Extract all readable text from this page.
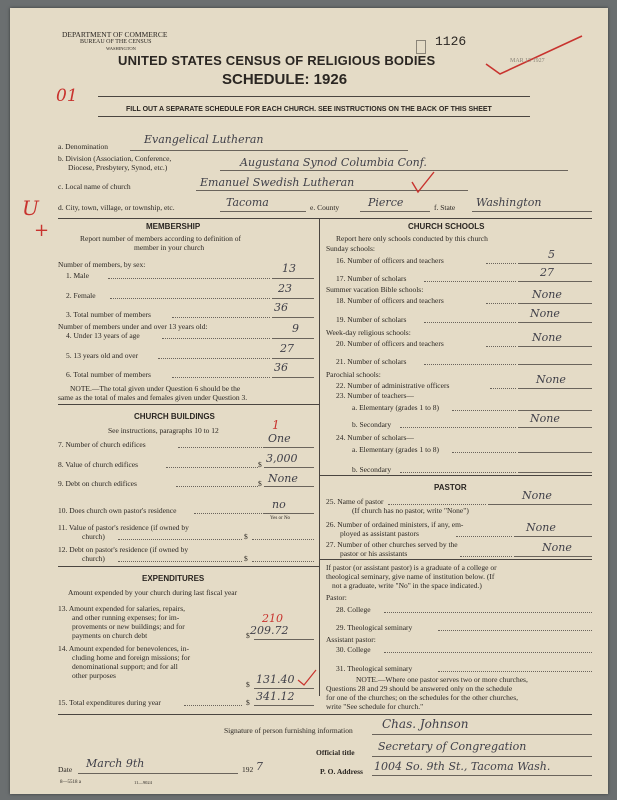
DEPARTMENT OF COMMERCE
BUREAU OF THE CENSUS
WASHINGTON	1126
MAR 15 1927
UNITED STATES CENSUS OF RELIGIOUS BODIES
SCHEDULE: 1926
01
FILL OUT A SEPARATE SCHEDULE FOR EACH CHURCH. SEE INSTRUCTIONS ON THE BACK OF THIS SHEET
a. Denomination
Evangelical Lutheran
b. Division (Association, Conference,
Diocese, Presbytery, Synod, etc.)	Augustana Synod Columbia Conf.
c. Local name of church	Emanuel Swedish Lutheran
d. City, town, village, or township, etc.	Tacoma	e. County	Pierce	f. State Washington
U
+	MEMBERSHIP
Report number of members according to definition of
member in your church
Number of members, by sex:
1. Male
13
2. Female
23
3. Total number of members
36
Number of members under and over 13 years old:
4. Under 13 years of age
9
5. 13 years old and over
27
6. Total number of members
36
NOTE.—The total given under Question 6 should be the
same as the total of males and females given under Question 3.
CHURCH BUILDINGS
See instructions, paragraphs 10 to 12	1
7. Number of church edifices	One
8. Value of church edifices	$ 3,000
9. Debt on church edifices	$ None
10. Does church own pastor's residence	no
Yes or No
11. Value of pastor's residence (if owned by
church)	$
12. Debt on pastor's residence (if owned by
church)	$
EXPENDITURES
Amount expended by your church during last fiscal year
13. Amount expended for salaries, repairs,
and other running expenses; for im-
provements or new buildings; and for
payments on church debt	$
210
209.72
14. Amount expended for benevolences, in-
cluding home and foreign missions; for
denominational support; and for all
other purposes
$ 131.40
15. Total expenditures during year	$ 341.12
CHURCH SCHOOLS
Report here only schools conducted by this church
Sunday schools:
16. Number of officers and teachers	5
17. Number of scholars	27
Summer vacation Bible schools:
18. Number of officers and teachers	None
19. Number of scholars	None
Week-day religious schools:
20. Number of officers and teachers	None
21. Number of scholars
Parochial schools:
22. Number of administrative officers	None
23. Number of teachers—
a. Elementary (grades 1 to 8)
b. Secondary	None
24. Number of scholars—
a. Elementary (grades 1 to 8)
b. Secondary
PASTOR
25. Name of pastor	None
(If church has no pastor, write "None")
26. Number of ordained ministers, if any, em-
ployed as assistant pastors	None
27. Number of other churches served by the
pastor or his assistants	None
If pastor (or assistant pastor) is a graduate of a college or
theological seminary, give name of institution below. (If
not a graduate, write "No" in the space indicated.)
Pastor:
28. College
29. Theological seminary
Assistant pastor:
30. College
31. Theological seminary
NOTE.—Where one pastor serves two or more churches,
Questions 28 and 29 should be answered only on the schedule
for one of the churches; on the schedules for the other churches,
write "See schedule for church."
Signature of person furnishing information Chas. Johnson
Official title Secretary of Congregation
Date March 9th	192 7	P. O. Address 1004 So. 9th St., Tacoma Wash.
8—5518 a	11—9024
